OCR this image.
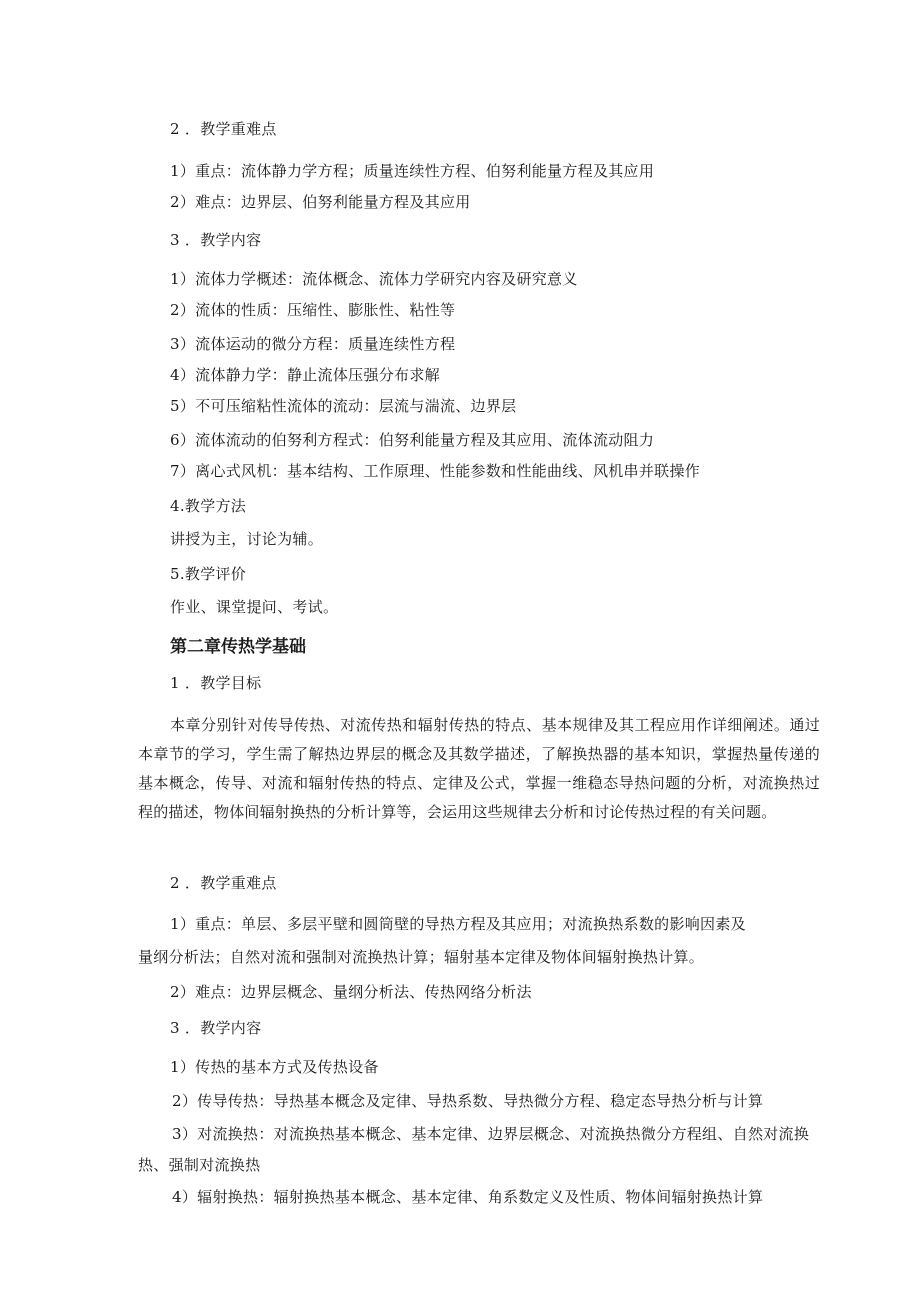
2 ．教学重难点
1）重点：流体静力学方程；质量连续性方程、伯努利能量方程及其应用
2）难点：边界层、伯努利能量方程及其应用
3 ．教学内容
1）流体力学概述：流体概念、流体力学研究内容及研究意义
2）流体的性质：压缩性、膨胀性、粘性等
3）流体运动的微分方程：质量连续性方程
4）流体静力学：静止流体压强分布求解
5）不可压缩粘性流体的流动：层流与湍流、边界层
6）流体流动的伯努利方程式：伯努利能量方程及其应用、流体流动阻力
7）离心式风机：基本结构、工作原理、性能参数和性能曲线、风机串并联操作
4.教学方法
讲授为主，讨论为辅。
5.教学评价
作业、课堂提问、考试。
第二章传热学基础
1 ．教学目标
本章分别针对传导传热、对流传热和辐射传热的特点、基本规律及其工程应用作详细阐述。通过本章节的学习，学生需了解热边界层的概念及其数学描述，了解换热器的基本知识，掌握热量传递的基本概念，传导、对流和辐射传热的特点、定律及公式，掌握一维稳态导热问题的分析，对流换热过程的描述，物体间辐射换热的分析计算等，会运用这些规律去分析和讨论传热过程的有关问题。
2 ．教学重难点
1）重点：单层、多层平壁和圆筒壁的导热方程及其应用；对流换热系数的影响因素及
量纲分析法；自然对流和强制对流换热计算；辐射基本定律及物体间辐射换热计算。
2）难点：边界层概念、量纲分析法、传热网络分析法
3 ．教学内容
1）传热的基本方式及传热设备
2）传导传热：导热基本概念及定律、导热系数、导热微分方程、稳定态导热分析与计算
3）对流换热：对流换热基本概念、基本定律、边界层概念、对流换热微分方程组、自然对流换
热、强制对流换热
4）辐射换热：辐射换热基本概念、基本定律、角系数定义及性质、物体间辐射换热计算
